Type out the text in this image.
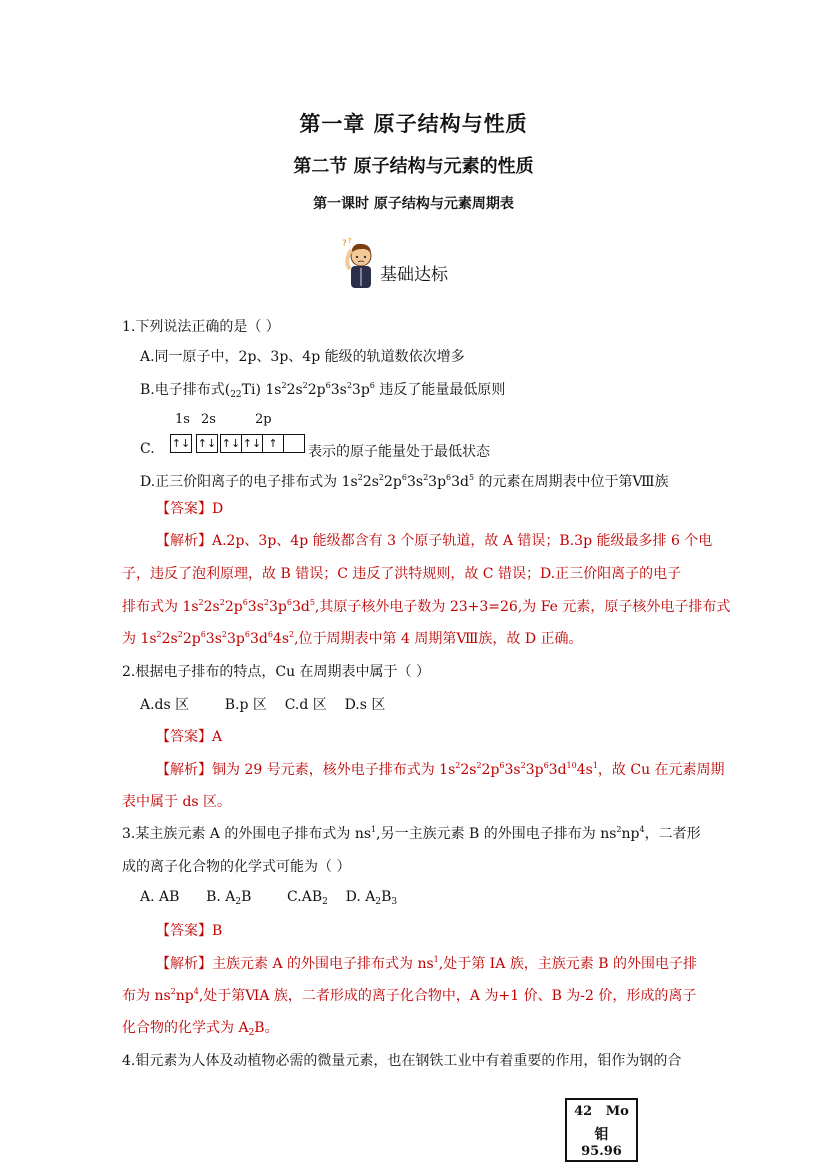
第一章 原子结构与性质
第二节 原子结构与元素的性质
第一课时 原子结构与元素周期表
? ?
基础达标
1.下列说法正确的是（ ）
A.同一原子中，2p、3p、4p 能级的轨道数依次增多
B.电子排布式$(_{22}Ti)$ $1s^22s^22p^63s^23p^6$ 违反了能量最低原则
1s 2s	2p
↑↓ ↑↓ ↑↓ ↑↓ ↑
C.	表示的原子能量处于最低状态
D.正三价阳离子的电子排布式为 $1s^22s^22p^63s^23p^63d^5$ 的元素在周期表中位于第Ⅷ族
【答案】D
【解析】A.2p、3p、4p 能级都含有 3 个原子轨道，故 A 错误；B.3p 能级最多排 6 个电
子，违反了泡利原理，故 B 错误；C 违反了洪特规则，故 C 错误；D.正三价阳离子的电子
排布式为 $1s^22s^22p^63s^23p^63d^5$,其原子核外电子数为 23+3=26,为 Fe 元素，原子核外电子排布式
为 $1s^22s^22p^63s^23p^63d^64s^2$,位于周期表中第 4 周期第Ⅷ族，故 D 正确。
2.根据电子排布的特点，Cu 在周期表中属于（ ）
A.ds 区        B.p 区    C.d 区    D.s 区
【答案】A
【解析】铜为 29 号元素，核外电子排布式为 $1s^22s^22p^63s^23p^63d^{10}4s^1$，故 Cu 在元素周期
表中属于 ds 区。
3.某主族元素 A 的外围电子排布式为 $ns^1$,另一主族元素 B 的外围电子排布为 $ns^2np^4$，二者形
成的离子化合物的化学式可能为（ ）
A. AB      B. $A_2B$        $C.AB_2$    D. $A_2B_3$
【答案】B
【解析】主族元素 A 的外围电子排布式为 $ns^1$,处于第 IA 族，主族元素 B 的外围电子排
布为 $ns^2np^4$,处于第ⅥA 族，二者形成的离子化合物中，A 为+1 价、B 为-2 价，形成的离子
化合物的化学式为 $A_2B$。
4.钼元素为人体及动植物必需的微量元素，也在钢铁工业中有着重要的作用，钼作为钢的合
42 Mo
钼
95.96
